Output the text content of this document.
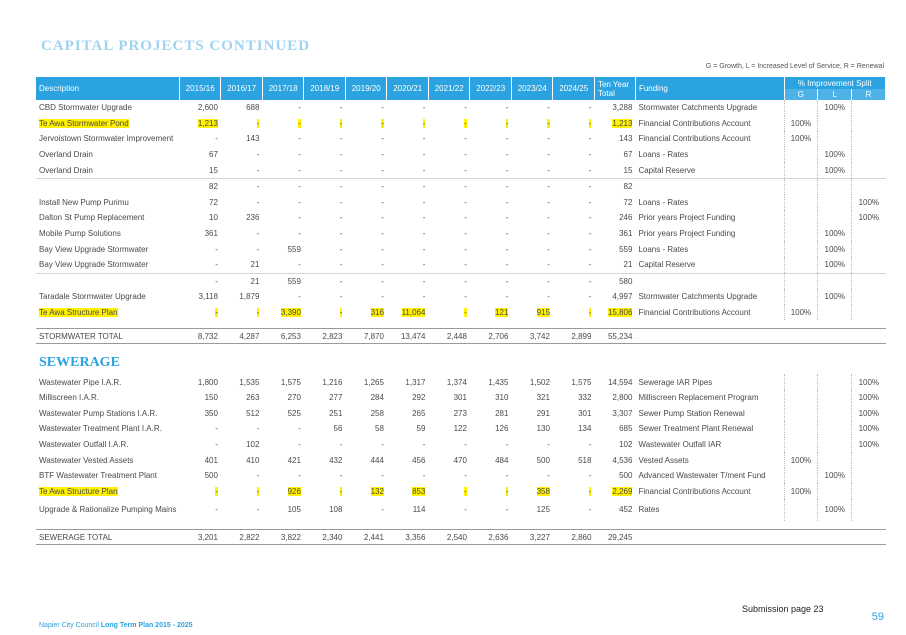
CAPITAL PROJECTS CONTINUED
G = Growth, L = Increased Level of Service, R = Renewal
Description	2015/16	2016/17	2017/18	2018/19	2019/20	2020/21	2021/22	2022/23	2023/24	2024/25	Ten Year Total	Funding	% Improvement Split		
													G	L	R
CBD Stormwater Upgrade	2,600	688	-	-	-	-	-	-	-	-	3,288	Stormwater Catchments Upgrade		100%	
Te Awa Stormwater Pond	1,213	-	-	-	-	-	-	-	-	-	1,213	Financial Contributions Account	100%		
Jervoistown Stormwater Improvement	-	143	-	-	-	-	-	-	-	-	143	Financial Contributions Account	100%		
Overland Drain	67	-	-	-	-	-	-	-	-	-	67	Loans - Rates		100%	
Overland Drain	15	-	-	-	-	-	-	-	-	-	15	Capital Reserve		100%	
	82	-	-	-	-	-	-	-	-	-	82				
Install New Pump Purimu	72	-	-	-	-	-	-	-	-	-	72	Loans - Rates			100%
Dalton St Pump Replacement	10	236	-	-	-	-	-	-	-	-	246	Prior years Project Funding			100%
Mobile Pump Solutions	361	-	-	-	-	-	-	-	-	-	361	Prior years Project Funding		100%	
Bay View Upgrade Stormwater	-	-	559	-	-	-	-	-	-	-	559	Loans - Rates		100%	
Bay View Upgrade Stormwater	-	21	-	-	-	-	-	-	-	-	21	Capital Reserve		100%	
	-	21	559	-	-	-	-	-	-	-	580				
Taradale Stormwater Upgrade	3,118	1,879	-	-	-	-	-	-	-	-	4,997	Stormwater Catchments Upgrade		100%	
Te Awa Structure Plan	-	-	3,390	-	316	11,064	-	121	915	-	15,806	Financial Contributions Account	100%		

STORMWATER TOTAL	8,732	4,287	6,253	2,823	7,870	13,474	2,448	2,706	3,742	2,899	55,234				

SEWERAGE															
Wastewater Pipe I.A.R.	1,800	1,535	1,575	1,216	1,265	1,317	1,374	1,435	1,502	1,575	14,594	Sewerage IAR Pipes			100%
Milliscreen I.A.R.	150	263	270	277	284	292	301	310	321	332	2,800	Milliscreen Replacement Program			100%
Wastewater Pump Stations I.A.R.	350	512	525	251	258	265	273	281	291	301	3,307	Sewer Pump Station Renewal			100%
Wastewater Treatment Plant I.A.R.	-	-	-	56	58	59	122	126	130	134	685	Sewer Treatment Plant Renewal			100%
Wastewater Outfall I.A.R.	-	102	-	-	-	-	-	-	-	-	102	Wastewater Outfall IAR			100%
Wastewater Vested Assets	401	410	421	432	444	456	470	484	500	518	4,536	Vested Assets	100%		
BTF Wastewater Treatment Plant	500	-	-	-	-	-	-	-	-	-	500	Advanced Wastewater T/ment Fund		100%	
Te Awa Structure Plan	-	-	926	-	132	853	-	-	358	-	2,269	Financial Contributions Account	100%		
Upgrade & Rationalize Pumping Mains	-	-	105	108	-	114	-	-	125	-	452	Rates		100%	

SEWERAGE TOTAL	3,201	2,822	3,822	2,340	2,441	3,356	2,540	2,636	3,227	2,860	29,245				
Submission page 23
59
Napier City Council Long Term Plan 2015 - 2025
